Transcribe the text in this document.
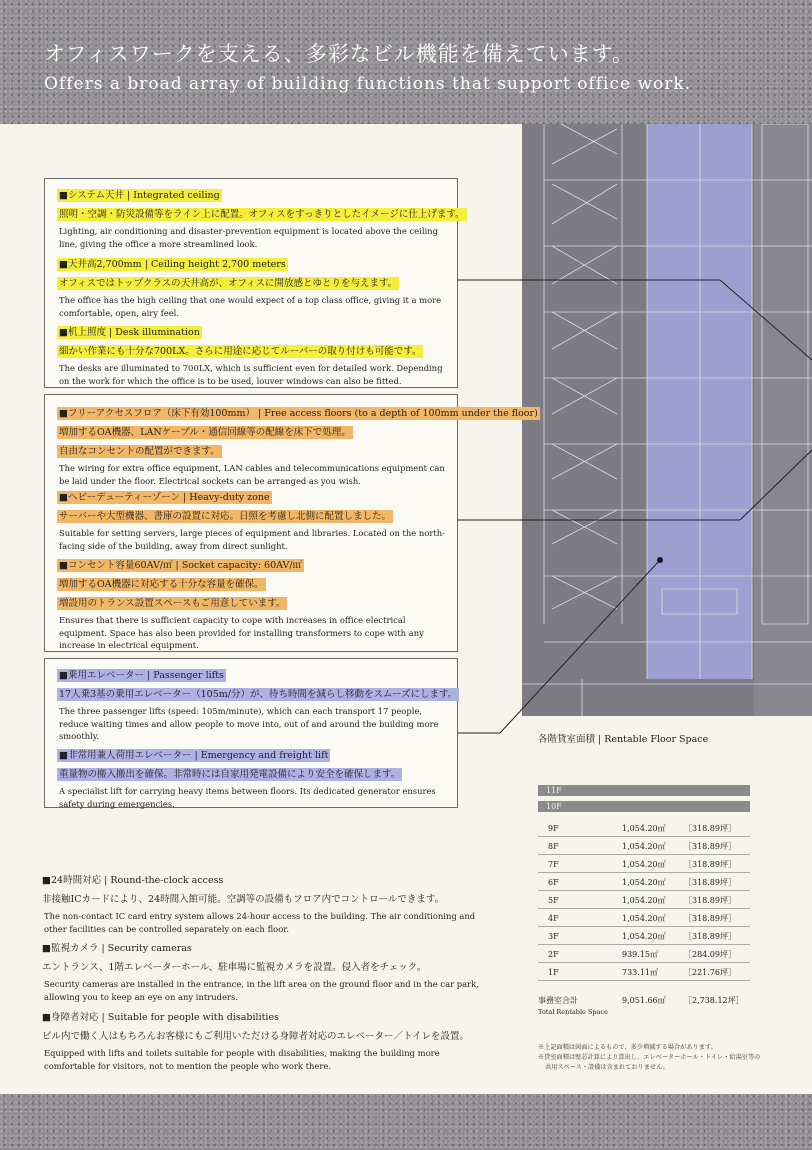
オフィスワークを支える、多彩なビル機能を備えています。
Offers a broad array of building functions that support office work.
■システム天井 | Integrated ceiling
照明・空調・防災設備等をライン上に配置。オフィスをすっきりとしたイメージに仕上げます。
Lighting, air conditioning and disaster-prevention equipment is located above the ceiling line, giving the office a more streamlined look.
■天井高2,700mm | Ceiling height 2,700 meters
オフィスではトップクラスの天井高が、オフィスに開放感とゆとりを与えます。
The office has the high ceiling that one would expect of a top class office, giving it a more comfortable, open, airy feel.
■机上照度 | Desk illumination
細かい作業にも十分な700LX。さらに用途に応じてルーバーの取り付けも可能です。
The desks are illuminated to 700LX, which is sufficient even for detailed work. Depending on the work for which the office is to be used, louver windows can also be fitted.
■フリーアクセスフロア（床下有効100mm） | Free access floors (to a depth of 100mm under the floor)
増加するOA機器、LANケーブル・通信回線等の配線を床下で処理。
自由なコンセントの配置ができます。
The wiring for extra office equipment, LAN cables and telecommunications equipment can be laid under the floor. Electrical sockets can be arranged as you wish.
■ヘビーデューティーゾーン | Heavy-duty zone
サーバーや大型機器、書庫の設置に対応。日照を考慮し北側に配置しました。
Suitable for setting servers, large pieces of equipment and libraries. Located on the north-facing side of the building, away from direct sunlight.
■コンセント容量60AV/㎡ | Socket capacity: 60AV/㎡
増加するOA機器に対応する十分な容量を確保。
増設用のトランス設置スペースもご用意しています。
Ensures that there is sufficient capacity to cope with increases in office electrical equipment. Space has also been provided for installing transformers to cope with any increase in electrical equipment.
■乗用エレベーター | Passenger lifts
17人乗3基の乗用エレベーター（105m/分）が、待ち時間を減らし移動をスムーズにします。
The three passenger lifts (speed: 105m/minute), which can each transport 17 people, reduce waiting times and allow people to move into, out of and around the building more smoothly.
■非常用兼人荷用エレベーター | Emergency and freight lift
重量物の搬入搬出を確保。非常時には自家用発電設備により安全を確保します。
A specialist lift for carrying heavy items between floors. Its dedicated generator ensures safety during emergencies.
■24時間対応 | Round-the-clock access
非接触ICカードにより、24時間入館可能。空調等の設備もフロア内でコントロールできます。
The non-contact IC card entry system allows 24-hour access to the building. The air conditioning and other facilities can be controlled separately on each floor.
■監視カメラ | Security cameras
エントランス、1階エレベーターホール、駐車場に監視カメラを設置。侵入者をチェック。
Security cameras are installed in the entrance, in the lift area on the ground floor and in the car park, allowing you to keep an eye on any intruders.
■身障者対応 | Suitable for people with disabilities
ビル内で働く人はもちろんお客様にもご利用いただける身障者対応のエレベーター／トイレを設置。
Equipped with lifts and toilets suitable for people with disabilities, making the building more comfortable for visitors, not to mention the people who work there.
各階貸室面積 | Rentable Floor Space
11F
10F
9F	1,054.20㎡ ［318.89坪］
8F	1,054.20㎡ ［318.89坪］
7F	1,054.20㎡ ［318.89坪］
6F	1,054.20㎡ ［318.89坪］
5F	1,054.20㎡ ［318.89坪］
4F	1,054.20㎡ ［318.89坪］
3F	1,054.20㎡ ［318.89坪］
2F	939.15㎡	［284.09坪］
1F	733.11㎡	［221.76坪］
事務室合計	9,051.66㎡ ［2,738.12坪］
Total Rentable Space
※上記面積は図面によるもので、多少増減する場合があります。
※貸室面積は壁芯計算により算出し、エレベーターホール・トイレ・給湯室等の
共用スペース・設備は含まれておりません。
